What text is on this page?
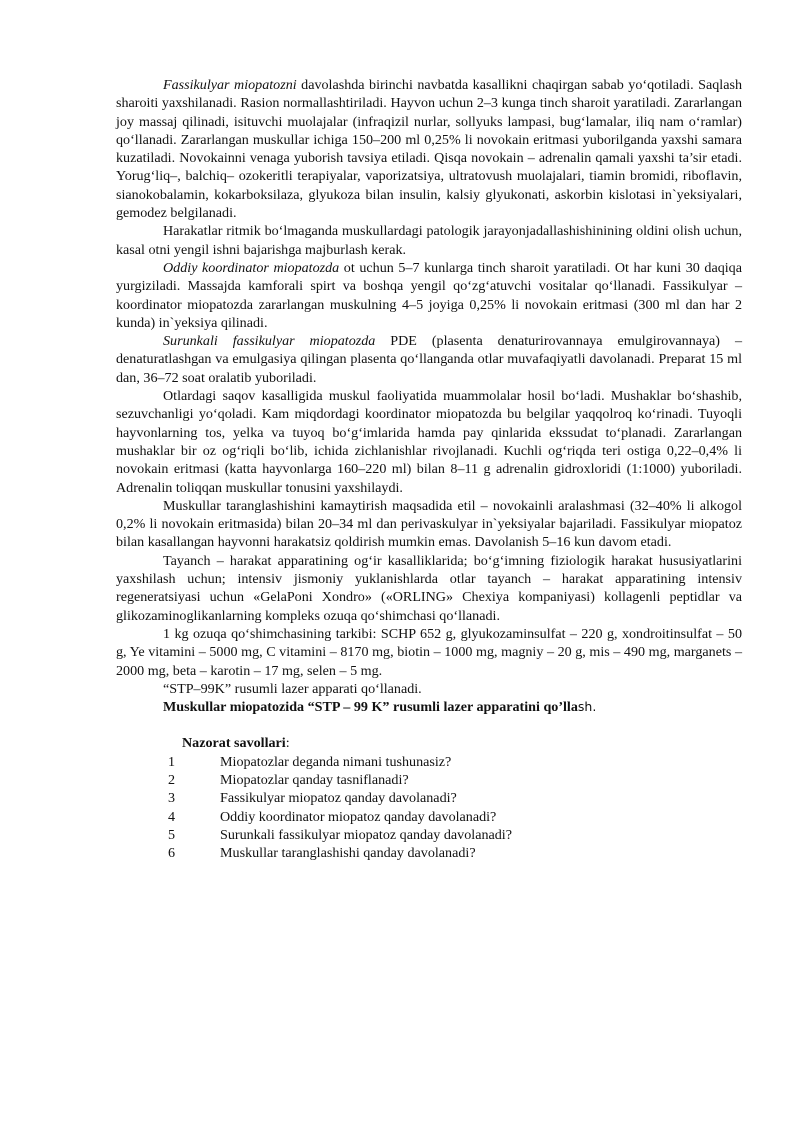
Fassikulyar miopatozni davolashda birinchi navbatda kasallikni chaqirgan sabab yo‘qotiladi. Saqlash sharoiti yaxshilanadi. Rasion normallashtiriladi. Hayvon uchun 2–3 kunga tinch sharoit yaratiladi. Zararlangan joy massaj qilinadi, isituvchi muolajalar (infraqizil nurlar, sollyuks lampasi, bug‘lamalar, iliq nam o‘ramlar) qo‘llanadi. Zararlangan muskullar ichiga 150–200 ml 0,25% li novokain eritmasi yuborilganda yaxshi samara kuzatiladi. Novokainni venaga yuborish tavsiya etiladi. Qisqa novokain – adrenalin qamali yaxshi ta’sir etadi. Yorug‘liq–, balchiq– ozokeritli terapiyalar, vaporizatsiya, ultratovush muolajalari, tiamin bromidi, riboflavin, sianokobalamin, kokarboksilaza, glyukoza bilan insulin, kalsiy glyukonati, askorbin kislotasi in`yeksiyalari, gemodez belgilanadi.

Harakatlar ritmik bo‘lmaganda muskullardagi patologik jarayonjadallashishinining oldini olish uchun, kasal otni yengil ishni bajarishga majburlash kerak.

Oddiy koordinator miopatozda ot uchun 5–7 kunlarga tinch sharoit yaratiladi. Ot har kuni 30 daqiqa yurgiziladi. Massajda kamforali spirt va boshqa yengil qo‘zg‘atuvchi vositalar qo‘llanadi. Fassikulyar – koordinator miopatozda zararlangan muskulning 4–5 joyiga 0,25% li novokain eritmasi (300 ml dan har 2 kunda) in`yeksiya qilinadi.

Surunkali fassikulyar miopatozda PDE (plasenta denaturirovannaya emulgirovannaya) – denaturatlashgan va emulgasiya qilingan plasenta qo‘llanganda otlar muvafaqiyatli davolanadi. Preparat 15 ml dan, 36–72 soat oralatib yuboriladi.

Otlardagi saqov kasalligida muskul faoliyatida muammolalar hosil bo‘ladi. Mushaklar bo‘shashib, sezuvchanligi yo‘qoladi. Kam miqdordagi koordinator miopatozda bu belgilar yaqqolroq ko‘rinadi. Tuyoqli hayvonlarning tos, yelka va tuyoq bo‘g‘imlarida hamda pay qinlarida ekssudat to‘planadi. Zararlangan mushaklar bir oz og‘riqli bo‘lib, ichida zichlanishlar rivojlanadi. Kuchli og‘riqda teri ostiga 0,22–0,4% li novokain eritmasi (katta hayvonlarga 160–220 ml) bilan 8–11 g adrenalin gidroxloridi (1:1000) yuboriladi. Adrenalin toliqqan muskullar tonusini yaxshilaydi.

Muskullar taranglashishini kamaytirish maqsadida etil – novokainli aralashmasi (32–40% li alkogol 0,2% li novokain eritmasida) bilan 20–34 ml dan perivaskulyar in`yeksiyalar bajariladi. Fassikulyar miopatoz bilan kasallangan hayvonni harakatsiz qoldirish mumkin emas. Davolanish 5–16 kun davom etadi.

Tayanch – harakat apparatining og‘ir kasalliklarida; bo‘g‘imning fiziologik harakat hususiyatlarini yaxshilash uchun; intensiv jismoniy yuklanishlarda otlar tayanch – harakat apparatining intensiv regeneratsiyasi uchun «GelaPoni Xondro» («ORLING» Chexiya kompaniyasi) kollagenli peptidlar va glikozaminoglikanlarning kompleks ozuqa qo‘shimchasi qo‘llanadi.

1 kg ozuqa qo‘shimchasining tarkibi: SCHP 652 g, glyukozaminsulfat – 220 g, xondroitinsulfat – 50 g, Ye vitamini – 5000 mg, C vitamini – 8170 mg, biotin – 1000 mg, magniy – 20 g, mis – 490 mg, marganets – 2000 mg, beta – karotin – 17 mg, selen – 5 mg.

“STP–99K” rusumli lazer apparati qo‘llanadi.

Muskullar miopatozida “STP – 99 K” rusumli lazer apparatini qo’llash.
Nazorat savollari:
1	Miopatozlar deganda nimani tushunasiz?
2	Miopatozlar qanday tasniflanadi?
3	Fassikulyar miopatoz qanday davolanadi?
4	Oddiy koordinator miopatoz qanday davolanadi?
5	Surunkali fassikulyar miopatoz qanday davolanadi?
6	Muskullar taranglashishi qanday davolanadi?
